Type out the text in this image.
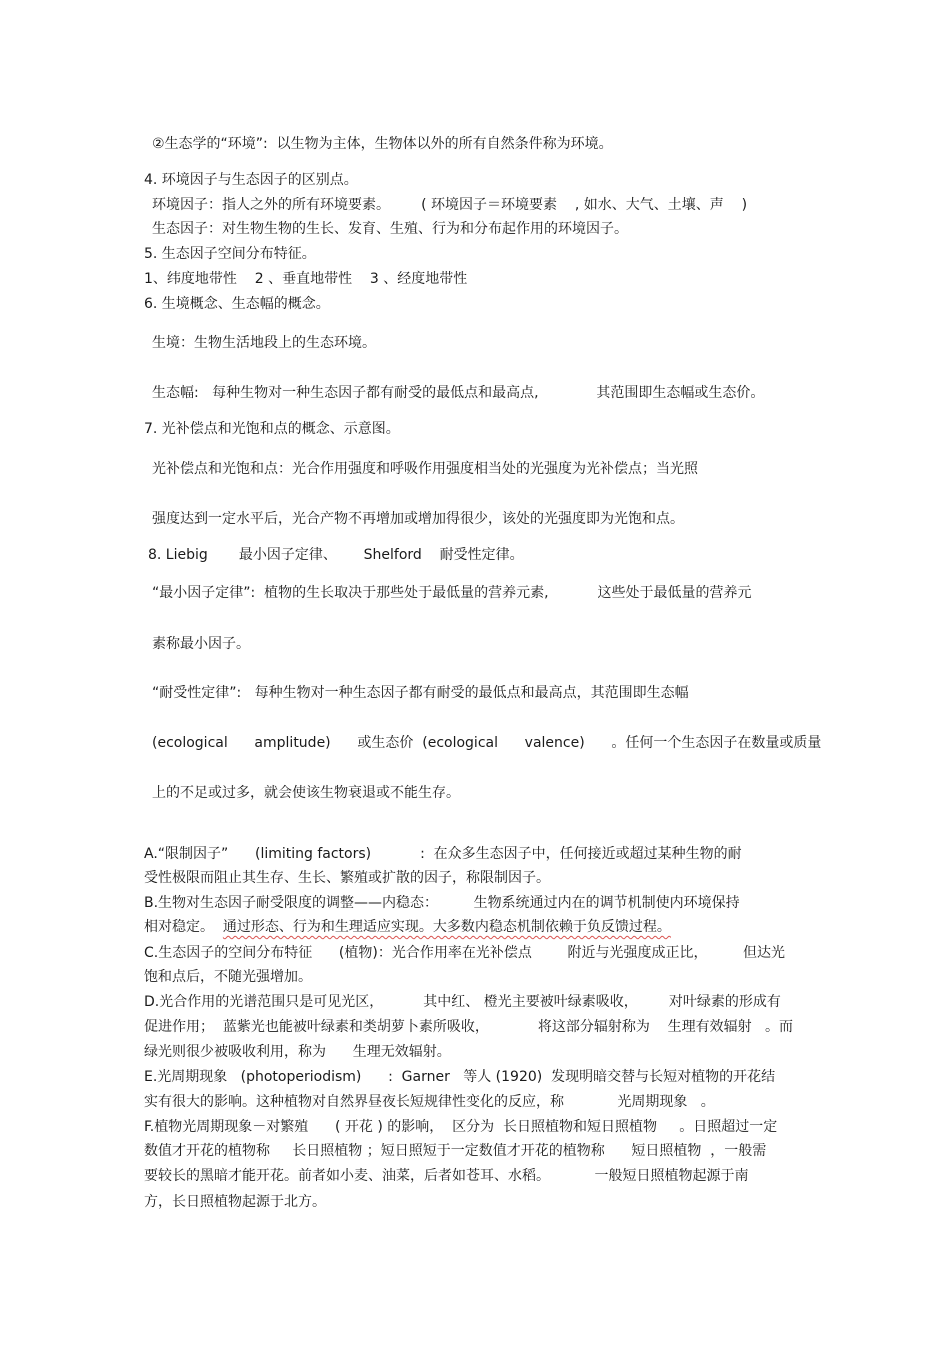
②生态学的“环境”:  以生物为主体，生物体以外的所有自然条件称为环境。
4. 环境因子与生态因子的区别点。
环境因子：指人之外的所有环境要素。       ( 环境因子＝环境要素    , 如水、大气、土壤、声    )
生态因子：对生物生物的生长、发育、生殖、行为和分布起作用的环境因子。
5. 生态因子空间分布特征。
1、纬度地带性    2 、垂直地带性    3 、经度地带性
6. 生境概念、生态幅的概念。
生境：生物生活地段上的生态环境。
生态幅:   每种生物对一种生态因子都有耐受的最低点和最高点,             其范围即生态幅或生态价。
7. 光补偿点和光饱和点的概念、示意图。
光补偿点和光饱和点：光合作用强度和呼吸作用强度相当处的光强度为光补偿点；当光照
强度达到一定水平后，光合产物不再增加或增加得很少，该处的光强度即为光饱和点。
8. Liebig       最小因子定律、      Shelford    耐受性定律。
“最小因子定律”:  植物的生长取决于那些处于最低量的营养元素,           这些处于最低量的营养元
素称最小因子。
“耐受性定律”:   每种生物对一种生态因子都有耐受的最低点和最高点，其范围即生态幅
(ecological      amplitude)      或生态价  (ecological      valence)      。任何一个生态因子在数量或质量
上的不足或过多，就会使该生物衰退或不能生存。
A.“限制因子”      (limiting factors)           :  在众多生态因子中，任何接近或超过某种生物的耐
受性极限而阻止其生存、生长、繁殖或扩散的因子，称限制因子。
B.生物对生态因子耐受限度的调整——内稳态：        生物系统通过内在的调节机制使内环境保持
相对稳定。  通过形态、行为和生理适应实现。大多数内稳态机制依赖于负反馈过程。
C.生态因子的空间分布特征      (植物)：光合作用率在光补偿点        附近与光强度成正比，        但达光
饱和点后，不随光强增加。
D.光合作用的光谱范围只是可见光区，         其中红、 橙光主要被叶绿素吸收，       对叶绿素的形成有
促进作用；  蓝紫光也能被叶绿素和类胡萝卜素所吸收，           将这部分辐射称为    生理有效辐射   。而
绿光则很少被吸收利用，称为      生理无效辐射。
E.光周期现象   (photoperiodism)      :  Garner   等人 (1920)  发现明暗交替与长短对植物的开花结
实有很大的影响。这种植物对自然界昼夜长短规律性变化的反应，称            光周期现象   。
F.植物光周期现象－对繁殖      ( 开花 ) 的影响，  区分为  长日照植物和短日照植物     。日照超过一定
数值才开花的植物称     长日照植物 ；短日照短于一定数值才开花的植物称      短日照植物  ，一般需
要较长的黑暗才能开花。前者如小麦、油菜，后者如苍耳、水稻。          一般短日照植物起源于南
方，长日照植物起源于北方。
